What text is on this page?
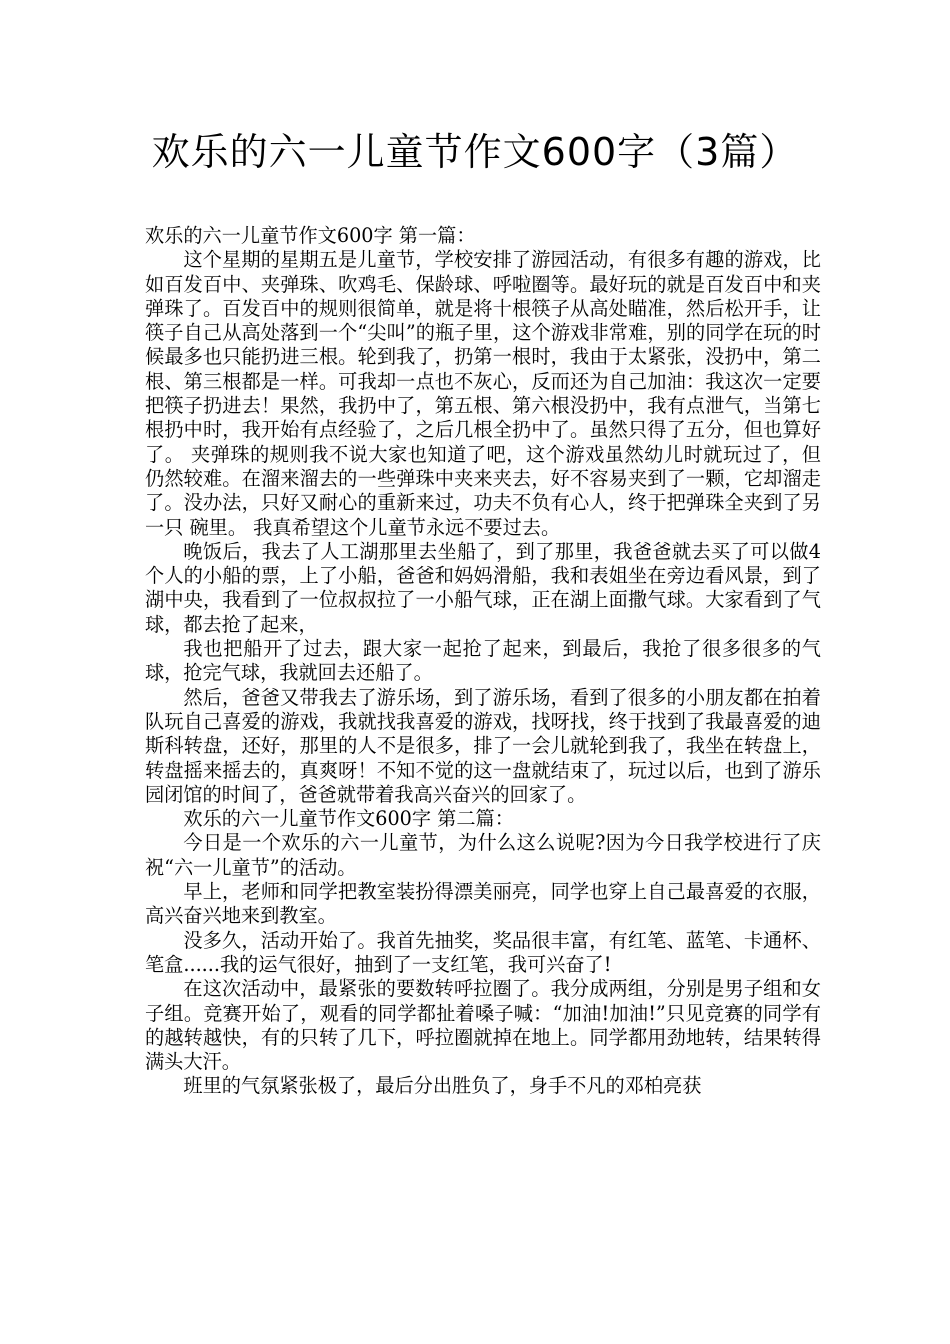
欢乐的六一儿童节作文600字（3篇）

欢乐的六一儿童节作文600字 第一篇：

这个星期的星期五是儿童节，学校安排了游园活动，有很多有趣的游戏，比如百发百中、夹弹珠、吹鸡毛、保龄球、呼啦圈等。最好玩的就是百发百中和夹弹珠了。百发百中的规则很简单，就是将十根筷子从高处瞄准，然后松开手，让筷子自己从高处落到一个“尖叫”的瓶子里，这个游戏非常难，别的同学在玩的时候最多也只能扔进三根。轮到我了，扔第一根时，我由于太紧张，没扔中，第二根、第三根都是一样。可我却一点也不灰心，反而还为自己加油：我这次一定要把筷子扔进去！果然，我扔中了，第五根、第六根没扔中，我有点泄气，当第七根扔中时，我开始有点经验了，之后几根全扔中了。虽然只得了五分，但也算好了。 夹弹珠的规则我不说大家也知道了吧，这个游戏虽然幼儿时就玩过了，但仍然较难。在溜来溜去的一些弹珠中夹来夹去，好不容易夹到了一颗，它却溜走了。没办法，只好又耐心的重新来过，功夫不负有心人，终于把弹珠全夹到了另一只 碗里。 我真希望这个儿童节永远不要过去。

晚饭后，我去了人工湖那里去坐船了，到了那里，我爸爸就去买了可以做4个人的小船的票，上了小船，爸爸和妈妈滑船，我和表姐坐在旁边看风景，到了湖中央，我看到了一位叔叔拉了一小船气球，正在湖上面撒气球。大家看到了气球，都去抢了起来，

我也把船开了过去，跟大家一起抢了起来，到最后，我抢了很多很多的气球，抢完气球，我就回去还船了。

然后，爸爸又带我去了游乐场，到了游乐场，看到了很多的小朋友都在拍着队玩自己喜爱的游戏，我就找我喜爱的游戏，找呀找，终于找到了我最喜爱的迪斯科转盘，还好，那里的人不是很多，排了一会儿就轮到我了，我坐在转盘上，转盘摇来摇去的，真爽呀！不知不觉的这一盘就结束了，玩过以后，也到了游乐园闭馆的时间了，爸爸就带着我高兴奋兴的回家了。

欢乐的六一儿童节作文600字 第二篇：

今日是一个欢乐的六一儿童节，为什么这么说呢?因为今日我学校进行了庆祝“六一儿童节”的活动。

早上，老师和同学把教室装扮得漂美丽亮，同学也穿上自己最喜爱的衣服，高兴奋兴地来到教室。

没多久，活动开始了。我首先抽奖，奖品很丰富，有红笔、蓝笔、卡通杯、笔盒......我的运气很好，抽到了一支红笔，我可兴奋了!

在这次活动中，最紧张的要数转呼拉圈了。我分成两组，分别是男子组和女子组。竞赛开始了，观看的同学都扯着嗓子喊：“加油!加油!”只见竞赛的同学有的越转越快，有的只转了几下，呼拉圈就掉在地上。同学都用劲地转，结果转得满头大汗。

班里的气氛紧张极了，最后分出胜负了，身手不凡的邓柏亮获
